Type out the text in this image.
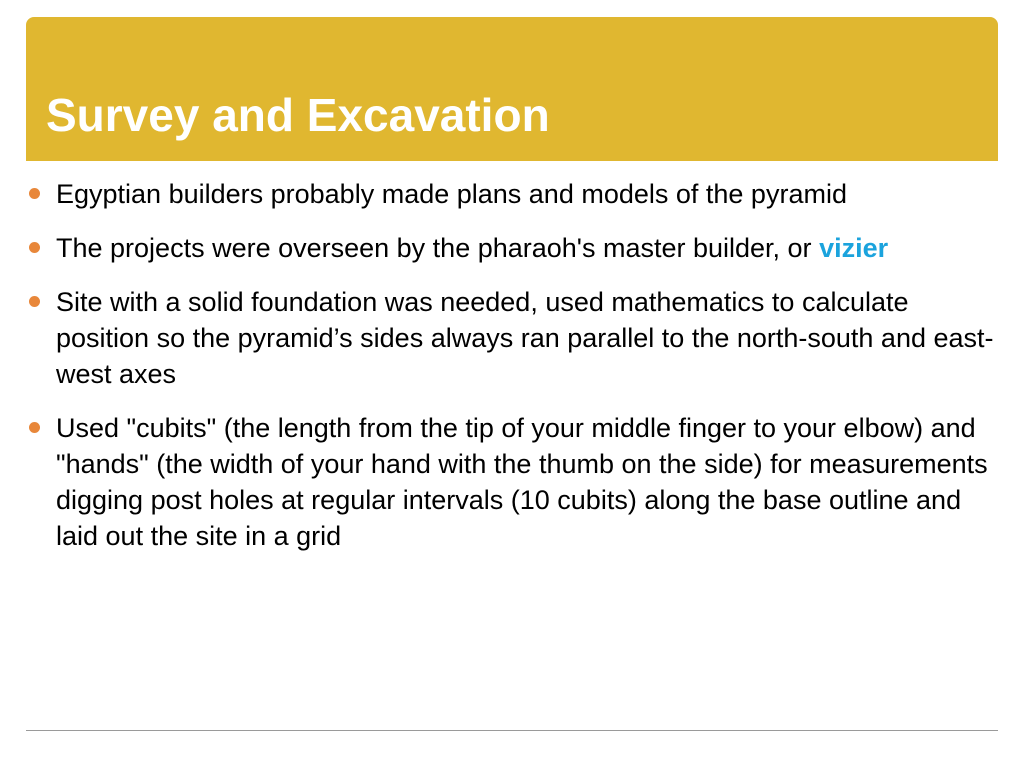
Survey and Excavation
Egyptian builders probably made plans and models of the pyramid
The projects were overseen by the pharaoh's master builder, or vizier
Site with a solid foundation was needed, used mathematics to calculate position so the pyramid’s sides always ran parallel to the north-south and east-west axes
Used "cubits" (the length from the tip of your middle finger to your elbow) and "hands" (the width of your hand with the thumb on the side) for measurements digging post holes at regular intervals (10 cubits) along the base outline and laid out the site in a grid
